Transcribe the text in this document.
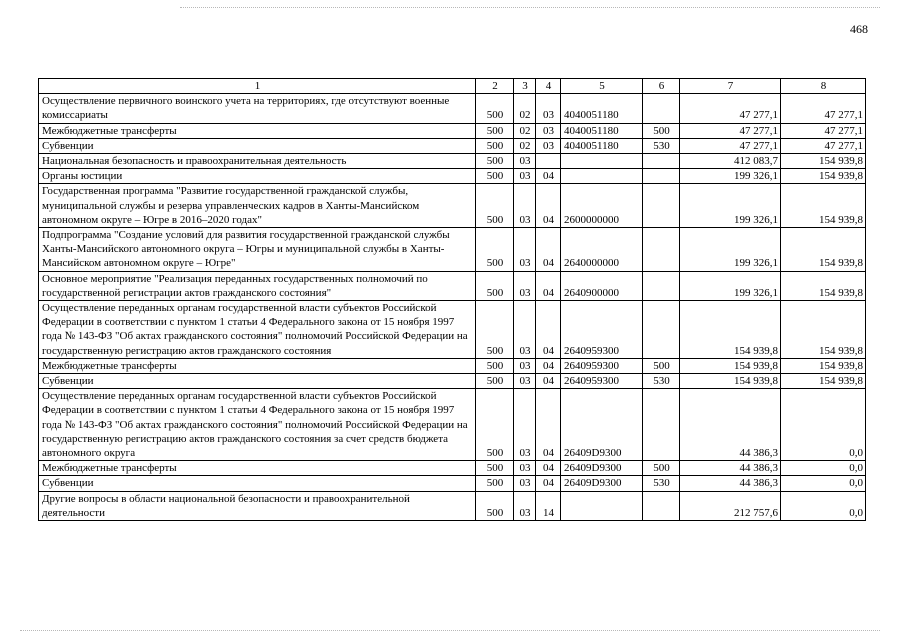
468
1	2	3	4	5	6	7	8
Осуществление первичного воинского учета на территориях, где отсутствуют военные комиссариаты	500	02	03	4040051180		47 277,1	47 277,1
Межбюджетные трансферты	500	02	03	4040051180	500	47 277,1	47 277,1
Субвенции	500	02	03	4040051180	530	47 277,1	47 277,1
Национальная безопасность и правоохранительная деятельность	500	03				412 083,7	154 939,8
Органы юстиции	500	03	04			199 326,1	154 939,8
Государственная программа "Развитие государственной гражданской службы, муниципальной службы и резерва управленческих кадров в Ханты-Мансийском автономном округе – Югре в 2016–2020 годах"	500	03	04	2600000000		199 326,1	154 939,8
Подпрограмма "Создание условий для развития государственной гражданской службы Ханты-Мансийского автономного округа – Югры и муниципальной службы в Ханты-Мансийском автономном округе – Югре"	500	03	04	2640000000		199 326,1	154 939,8
Основное мероприятие "Реализация переданных государственных полномочий по государственной регистрации актов гражданского состояния"	500	03	04	2640900000		199 326,1	154 939,8
Осуществление переданных органам государственной власти субъектов Российской Федерации в соответствии с пунктом 1 статьи 4 Федерального закона от 15 ноября 1997 года № 143-ФЗ "Об актах гражданского состояния" полномочий Российской Федерации на государственную регистрацию актов гражданского состояния	500	03	04	2640959300		154 939,8	154 939,8
Межбюджетные трансферты	500	03	04	2640959300	500	154 939,8	154 939,8
Субвенции	500	03	04	2640959300	530	154 939,8	154 939,8
Осуществление переданных органам государственной власти субъектов Российской Федерации в соответствии с пунктом 1 статьи 4 Федерального закона от 15 ноября 1997 года № 143-ФЗ "Об актах гражданского состояния" полномочий Российской Федерации на государственную регистрацию актов гражданского состояния за счет средств бюджета автономного округа	500	03	04	26409D9300		44 386,3	0,0
Межбюджетные трансферты	500	03	04	26409D9300	500	44 386,3	0,0
Субвенции	500	03	04	26409D9300	530	44 386,3	0,0
Другие вопросы в области национальной безопасности и правоохранительной деятельности	500	03	14			212 757,6	0,0
